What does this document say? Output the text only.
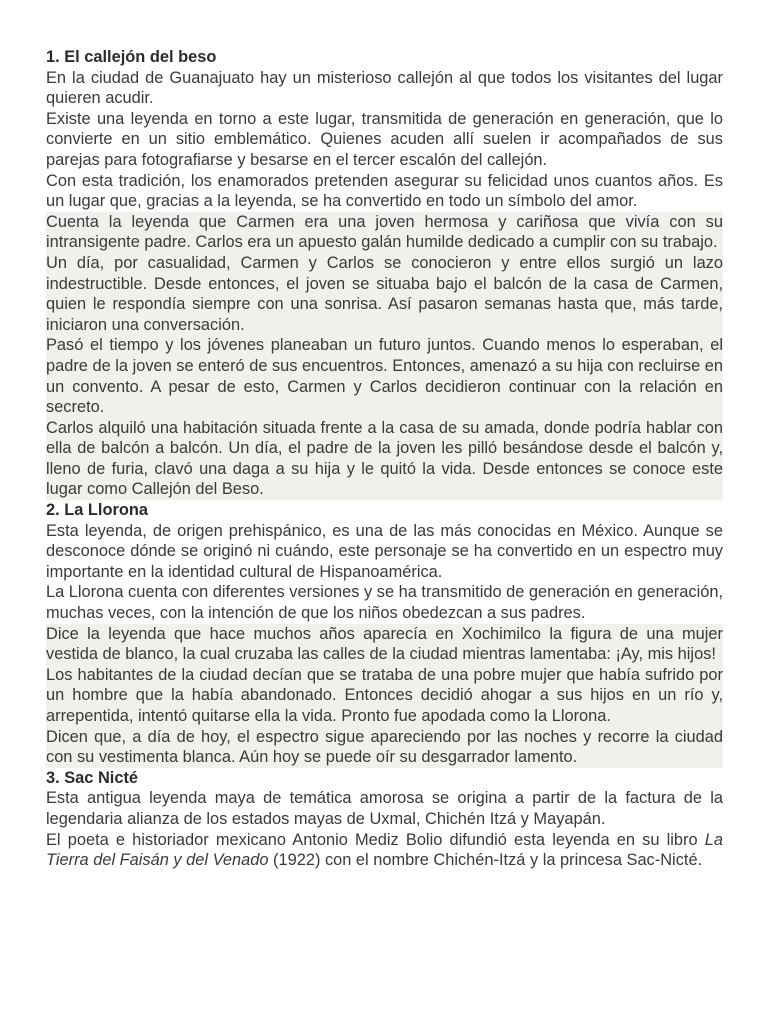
1. El callejón del beso

En la ciudad de Guanajuato hay un misterioso callejón al que todos los visitantes del lugar quieren acudir.

Existe una leyenda en torno a este lugar, transmitida de generación en generación, que lo convierte en un sitio emblemático. Quienes acuden allí suelen ir acompañados de sus parejas para fotografiarse y besarse en el tercer escalón del callejón.

Con esta tradición, los enamorados pretenden asegurar su felicidad unos cuantos años. Es un lugar que, gracias a la leyenda, se ha convertido en todo un símbolo del amor.

Cuenta la leyenda que Carmen era una joven hermosa y cariñosa que vivía con su intransigente padre. Carlos era un apuesto galán humilde dedicado a cumplir con su trabajo.

Un día, por casualidad, Carmen y Carlos se conocieron y entre ellos surgió un lazo indestructible. Desde entonces, el joven se situaba bajo el balcón de la casa de Carmen, quien le respondía siempre con una sonrisa. Así pasaron semanas hasta que, más tarde, iniciaron una conversación.

Pasó el tiempo y los jóvenes planeaban un futuro juntos. Cuando menos lo esperaban, el padre de la joven se enteró de sus encuentros. Entonces, amenazó a su hija con recluirse en un convento. A pesar de esto, Carmen y Carlos decidieron continuar con la relación en secreto.

Carlos alquiló una habitación situada frente a la casa de su amada, donde podría hablar con ella de balcón a balcón. Un día, el padre de la joven les pilló besándose desde el balcón y, lleno de furia, clavó una daga a su hija y le quitó la vida. Desde entonces se conoce este lugar como Callejón del Beso.

2. La Llorona

Esta leyenda, de origen prehispánico, es una de las más conocidas en México. Aunque se desconoce dónde se originó ni cuándo, este personaje se ha convertido en un espectro muy importante en la identidad cultural de Hispanoamérica.

La Llorona cuenta con diferentes versiones y se ha transmitido de generación en generación, muchas veces, con la intención de que los niños obedezcan a sus padres.

Dice la leyenda que hace muchos años aparecía en Xochimilco la figura de una mujer vestida de blanco, la cual cruzaba las calles de la ciudad mientras lamentaba: ¡Ay, mis hijos!

Los habitantes de la ciudad decían que se trataba de una pobre mujer que había sufrido por un hombre que la había abandonado. Entonces decidió ahogar a sus hijos en un río y, arrepentida, intentó quitarse ella la vida. Pronto fue apodada como la Llorona.

Dicen que, a día de hoy, el espectro sigue apareciendo por las noches y recorre la ciudad con su vestimenta blanca. Aún hoy se puede oír su desgarrador lamento.

3. Sac Nicté

Esta antigua leyenda maya de temática amorosa se origina a partir de la factura de la legendaria alianza de los estados mayas de Uxmal, Chichén Itzá y Mayapán.

El poeta e historiador mexicano Antonio Mediz Bolio difundió esta leyenda en su libro La Tierra del Faisán y del Venado (1922) con el nombre Chichén-Itzá y la princesa Sac-Nicté.
